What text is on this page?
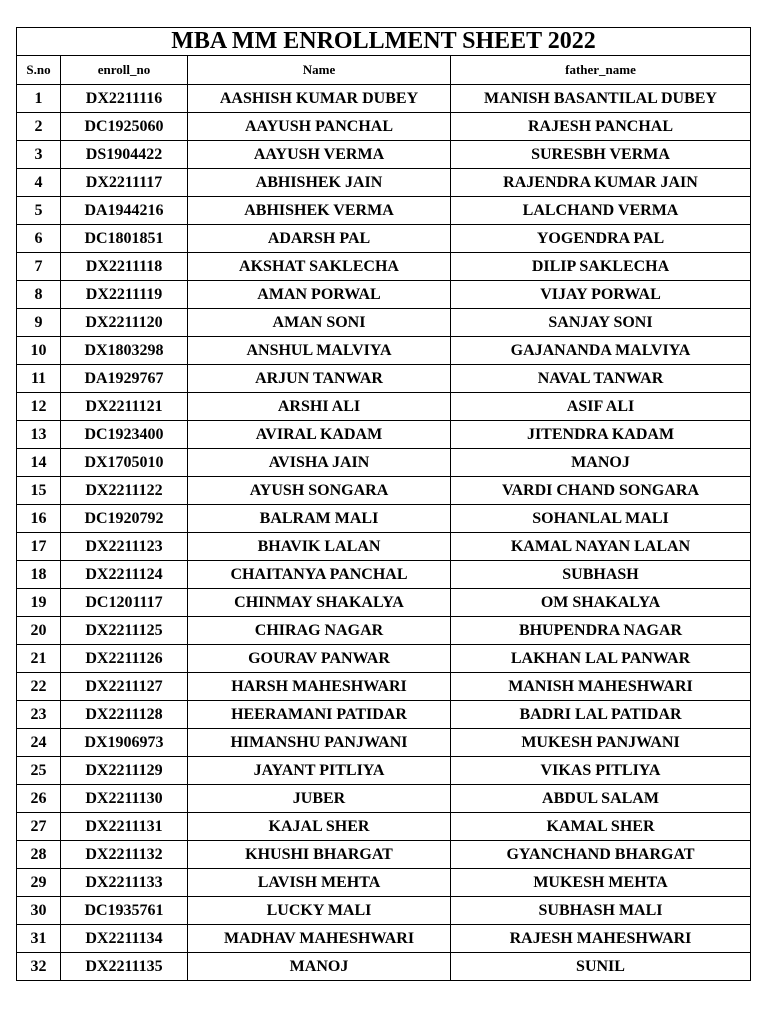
MBA MM ENROLLMENT SHEET 2022			
S.no	enroll_no	Name	father_name
1	DX2211116	AASHISH KUMAR DUBEY	MANISH BASANTILAL DUBEY
2	DC1925060	AAYUSH PANCHAL	RAJESH PANCHAL
3	DS1904422	AAYUSH VERMA	SURESBH VERMA
4	DX2211117	ABHISHEK JAIN	RAJENDRA KUMAR JAIN
5	DA1944216	ABHISHEK VERMA	LALCHAND VERMA
6	DC1801851	ADARSH PAL	YOGENDRA PAL
7	DX2211118	AKSHAT SAKLECHA	DILIP SAKLECHA
8	DX2211119	AMAN PORWAL	VIJAY PORWAL
9	DX2211120	AMAN SONI	SANJAY SONI
10	DX1803298	ANSHUL MALVIYA	GAJANANDA MALVIYA
11	DA1929767	ARJUN TANWAR	NAVAL TANWAR
12	DX2211121	ARSHI ALI	ASIF ALI
13	DC1923400	AVIRAL KADAM	JITENDRA KADAM
14	DX1705010	AVISHA JAIN	MANOJ
15	DX2211122	AYUSH SONGARA	VARDI CHAND SONGARA
16	DC1920792	BALRAM MALI	SOHANLAL MALI
17	DX2211123	BHAVIK LALAN	KAMAL NAYAN LALAN
18	DX2211124	CHAITANYA PANCHAL	SUBHASH
19	DC1201117	CHINMAY SHAKALYA	OM SHAKALYA
20	DX2211125	CHIRAG NAGAR	BHUPENDRA NAGAR
21	DX2211126	GOURAV PANWAR	LAKHAN LAL PANWAR
22	DX2211127	HARSH MAHESHWARI	MANISH MAHESHWARI
23	DX2211128	HEERAMANI PATIDAR	BADRI LAL PATIDAR
24	DX1906973	HIMANSHU PANJWANI	MUKESH PANJWANI
25	DX2211129	JAYANT PITLIYA	VIKAS PITLIYA
26	DX2211130	JUBER	ABDUL SALAM
27	DX2211131	KAJAL SHER	KAMAL SHER
28	DX2211132	KHUSHI BHARGAT	GYANCHAND BHARGAT
29	DX2211133	LAVISH MEHTA	MUKESH MEHTA
30	DC1935761	LUCKY MALI	SUBHASH MALI
31	DX2211134	MADHAV MAHESHWARI	RAJESH MAHESHWARI
32	DX2211135	MANOJ	SUNIL
